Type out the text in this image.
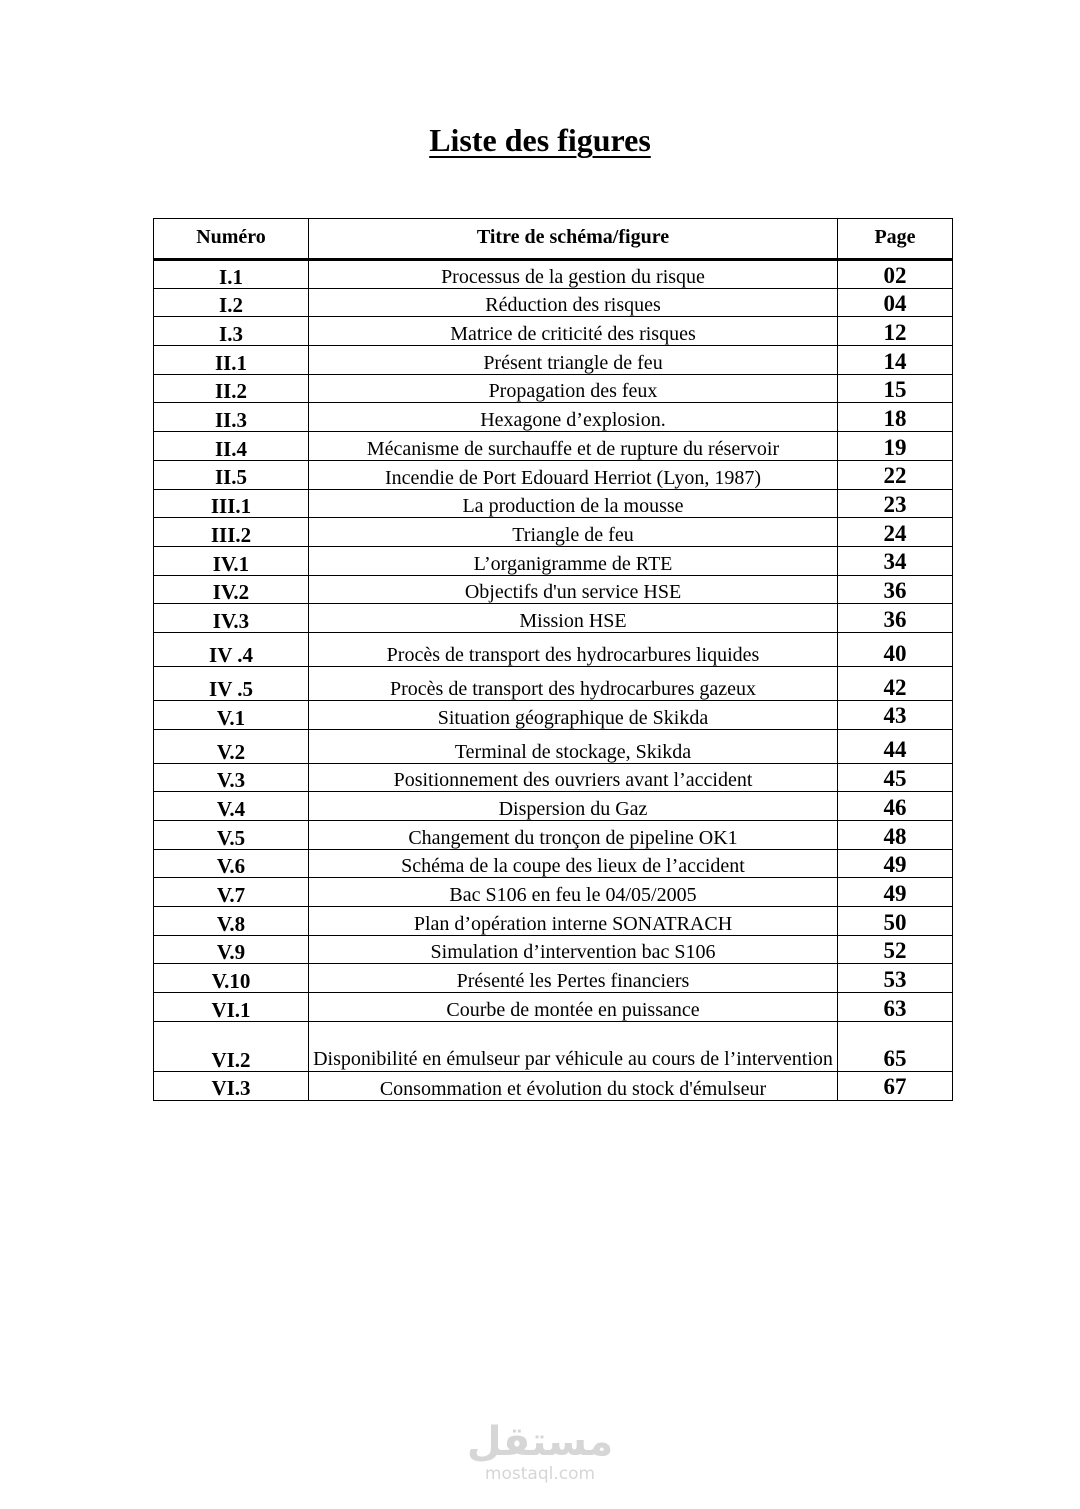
Liste des figures
Numéro	Titre de schéma/figure	Page
I.1	Processus de la gestion du risque	02
I.2	Réduction des risques	04
I.3	Matrice de criticité des risques	12
II.1	Présent triangle de feu	14
II.2	Propagation des feux	15
II.3	Hexagone d’explosion.	18
II.4	Mécanisme de surchauffe et de rupture du réservoir	19
II.5	Incendie de Port Edouard Herriot (Lyon, 1987)	22
III.1	La production de la mousse	23
III.2	Triangle de feu	24
IV.1	L’organigramme de RTE	34
IV.2	Objectifs d'un service HSE	36
IV.3	Mission HSE	36
IV .4	Procès de transport des hydrocarbures liquides	40
IV .5	Procès de transport des hydrocarbures gazeux	42
V.1	Situation géographique de Skikda	43
V.2	Terminal de stockage, Skikda	44
V.3	Positionnement des ouvriers avant l’accident	45
V.4	Dispersion du Gaz	46
V.5	Changement du tronçon de pipeline OK1	48
V.6	Schéma de la coupe des lieux de l’accident	49
V.7	Bac S106 en feu le 04/05/2005	49
V.8	Plan d’opération interne SONATRACH	50
V.9	Simulation d’intervention bac S106	52
V.10	Présenté les Pertes financiers	53
VI.1	Courbe de montée en puissance	63
VI.2	Disponibilité en émulseur par véhicule au cours de l’intervention	65
VI.3	Consommation et évolution du stock d'émulseur	67
مستقل
mostaql.com
